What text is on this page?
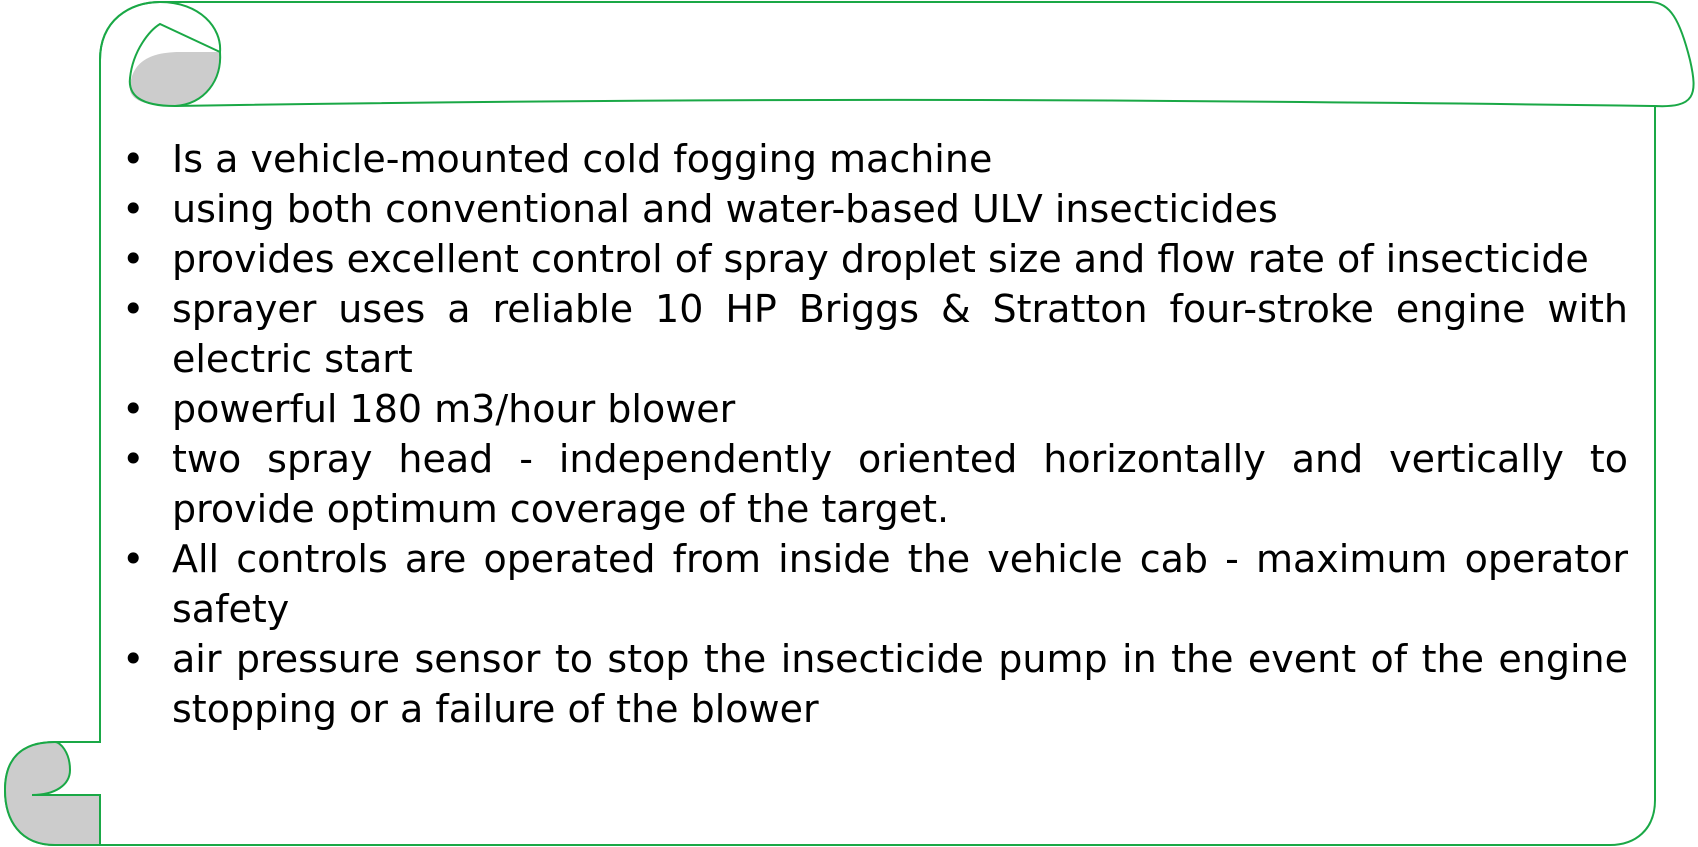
• Is a vehicle-mounted cold fogging machine
• using both conventional and water-based ULV insecticides
• provides excellent control of spray droplet size and flow rate of insecticide
• sprayer uses a reliable 10 HP Briggs & Stratton four-stroke engine with electric start
• powerful 180 m3/hour blower
• two spray head - independently oriented horizontally and vertically to provide optimum coverage of the target.
• All controls are operated from inside the vehicle cab - maximum operator safety
• air pressure sensor to stop the insecticide pump in the event of the engine stopping or a failure of the blower
